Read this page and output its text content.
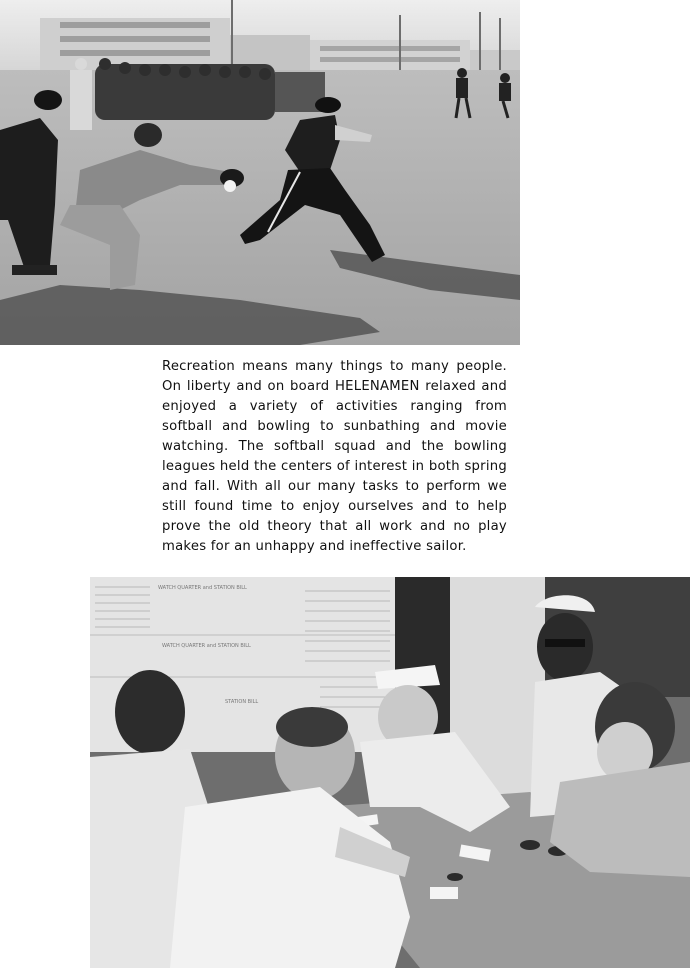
Recreation means many things to many people. On liberty and on board HELENAMEN relaxed and enjoyed a variety of activities ranging from softball and bowling to sunbathing and movie watching. The softball squad and the bowling leagues held the centers of interest in both spring and fall. With all our many tasks to perform we still found time to enjoy ourselves and to help prove the old theory that all work and no play makes for an unhappy and ineffective sailor.

WATCH QUARTER and STATION BILL
WATCH QUARTER and STATION BILL
STATION BILL
